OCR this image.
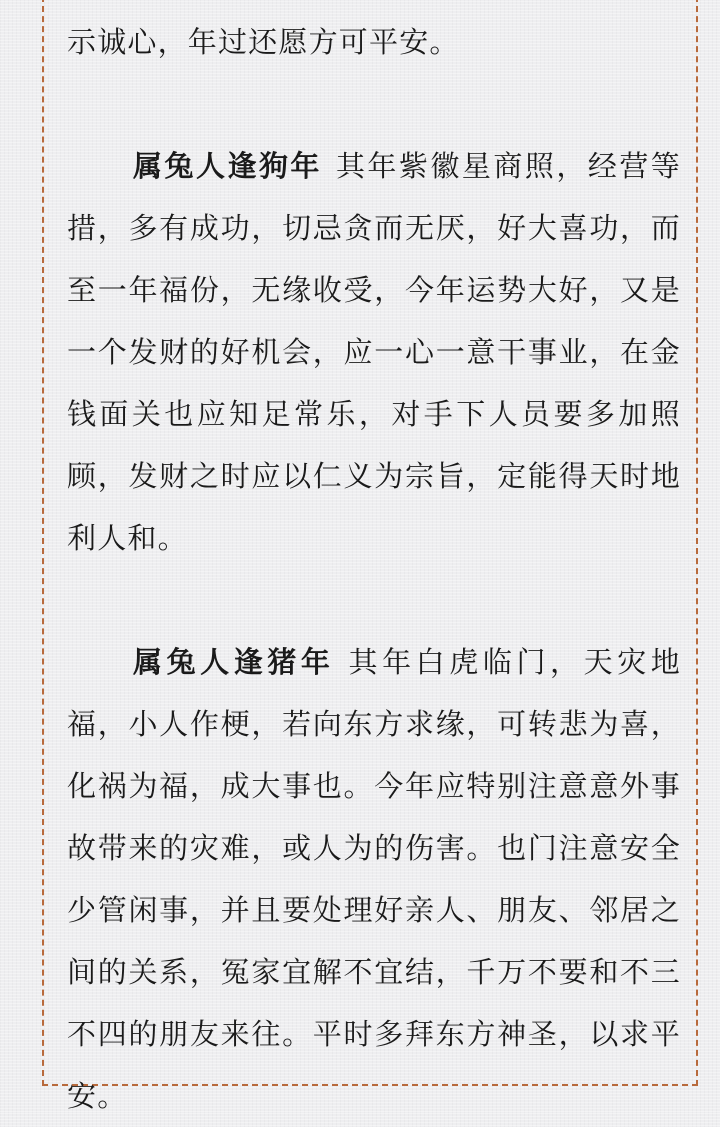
示诚心，年过还愿方可平安。

属兔人逢狗年 其年紫徽星商照，经营等措，多有成功，切忌贪而无厌，好大喜功，而至一年福份，无缘收受，今年运势大好，又是一个发财的好机会，应一心一意干事业，在金钱面关也应知足常乐，对手下人员要多加照顾，发财之时应以仁义为宗旨，定能得天时地利人和。

属兔人逢猪年 其年白虎临门，天灾地福，小人作梗，若向东方求缘，可转悲为喜，化祸为福，成大事也。今年应特别注意意外事故带来的灾难，或人为的伤害。也门注意安全少管闲事，并且要处理好亲人、朋友、邻居之间的关系，冤家宜解不宜结，千万不要和不三不四的朋友来往。平时多拜东方神圣，以求平安。
